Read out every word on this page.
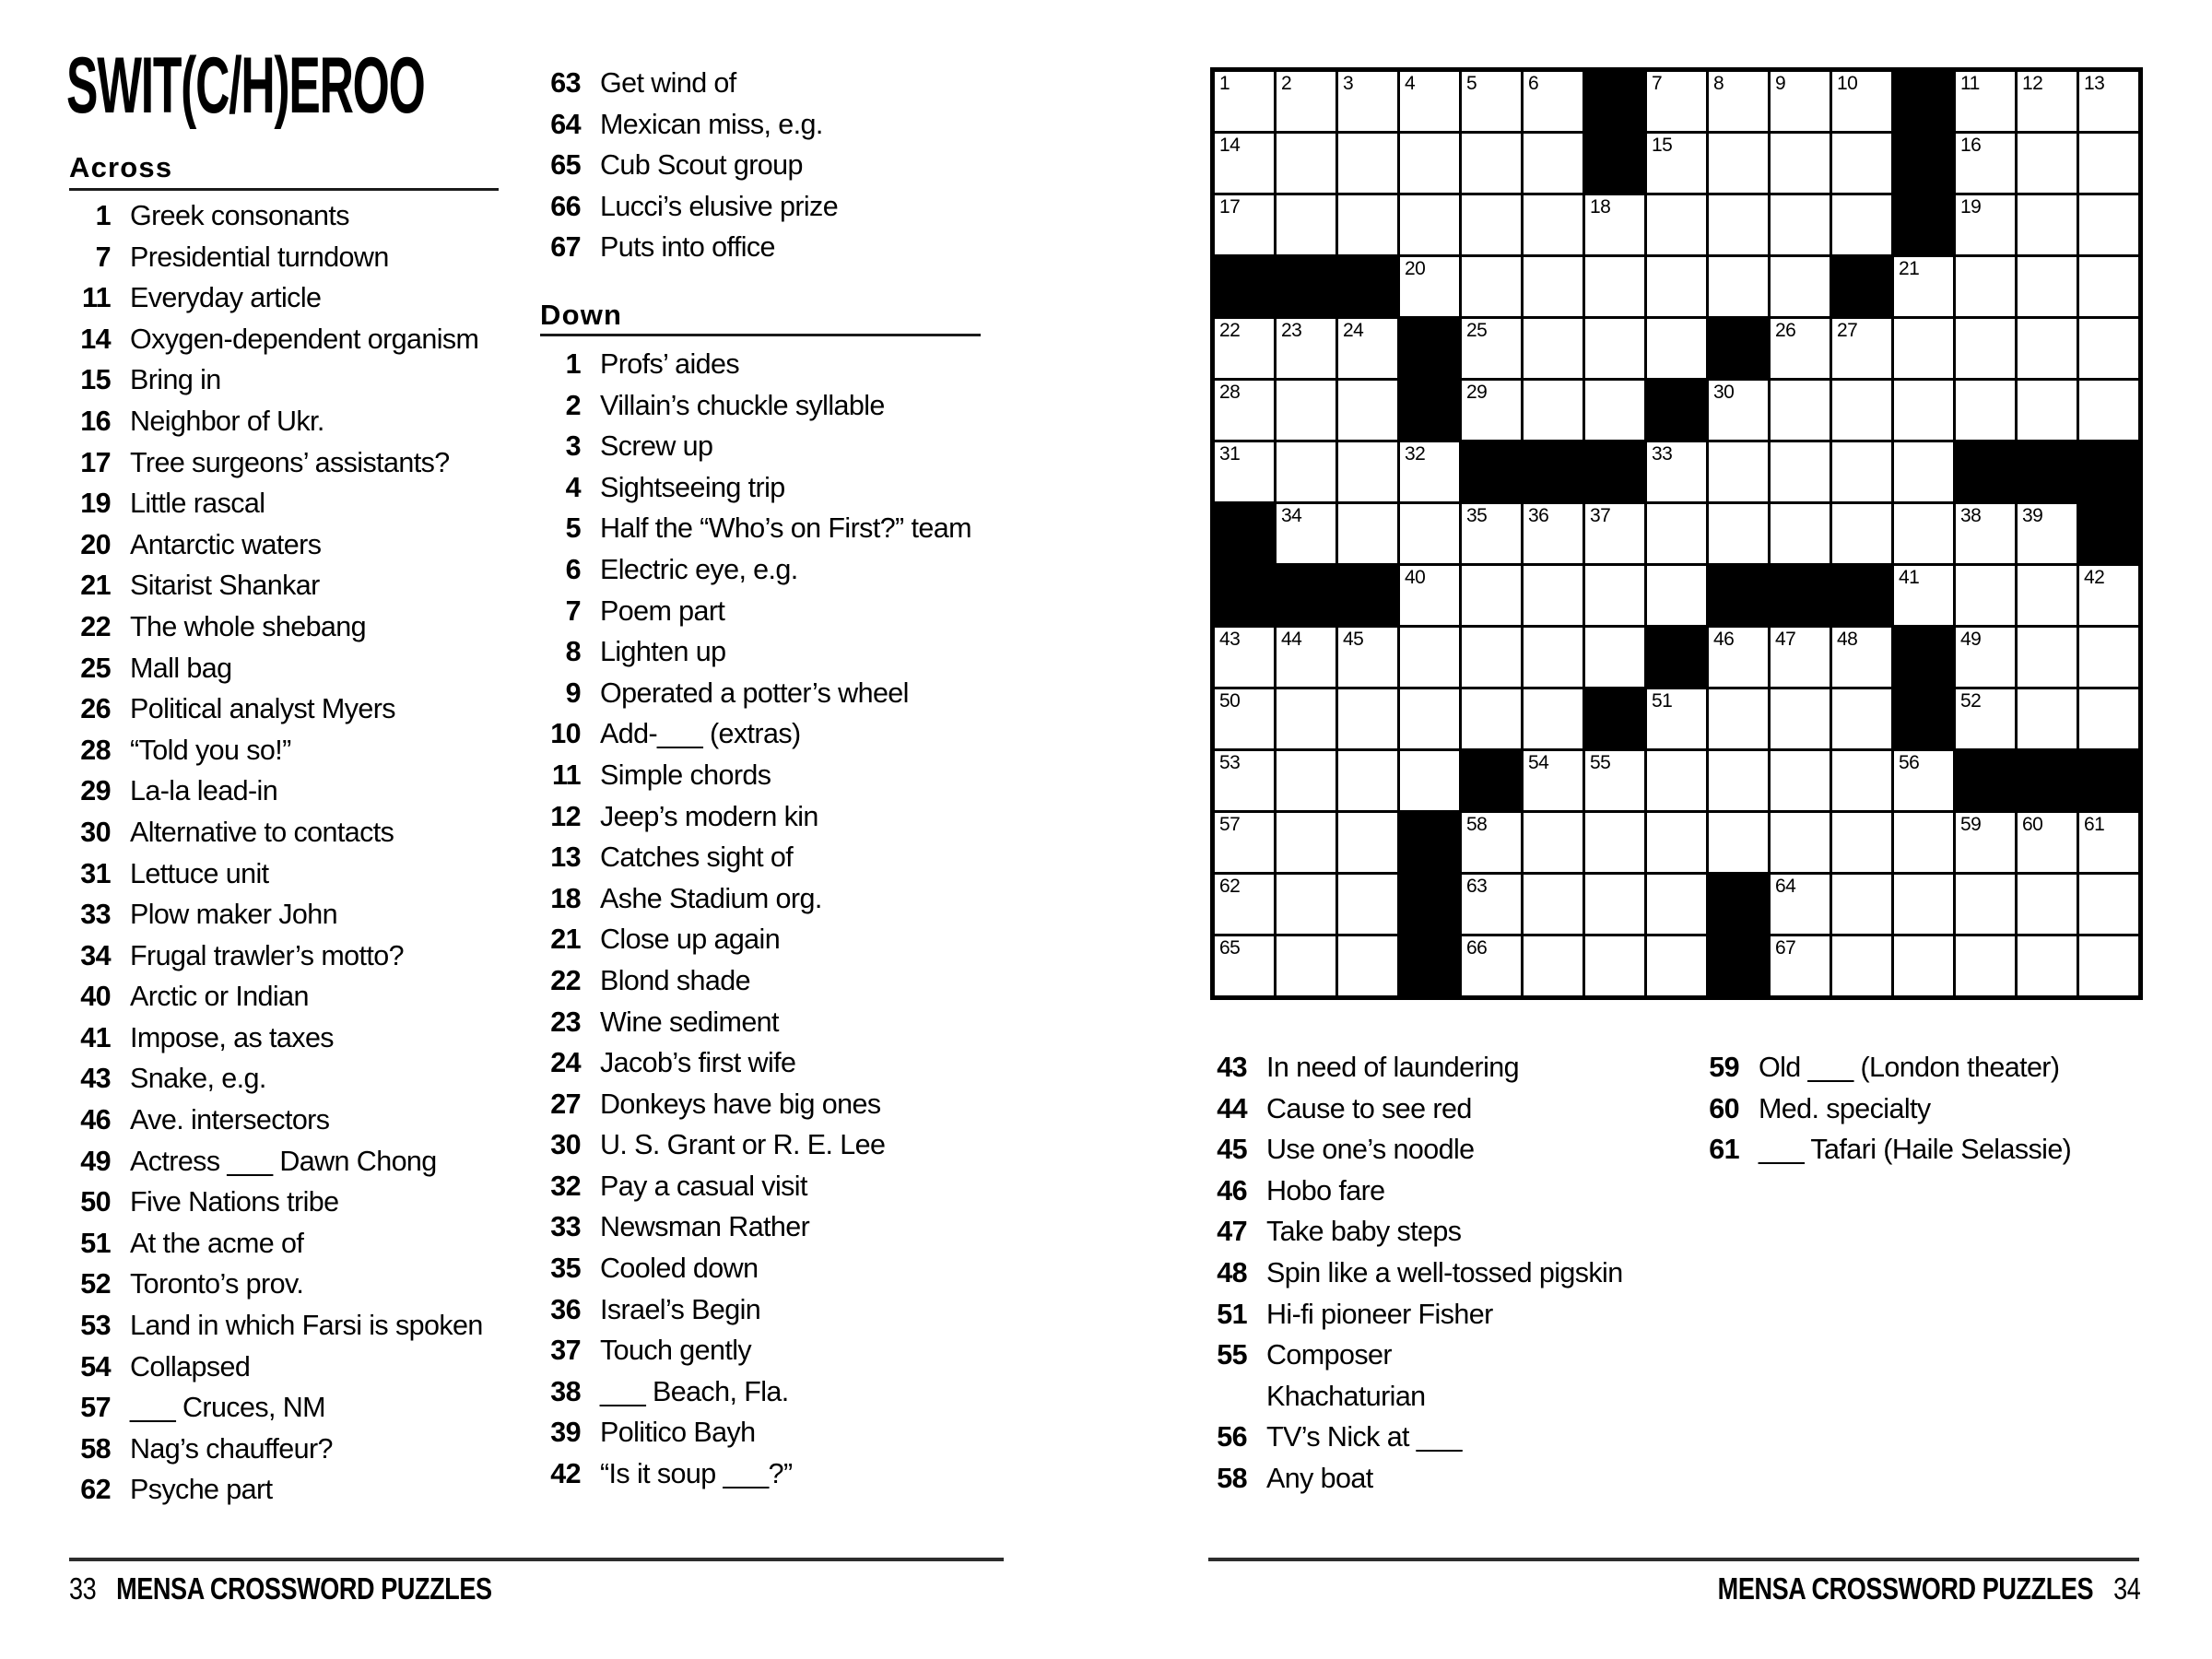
SWIT(C/H)EROO
Across
Down
1 Greek consonants
7 Presidential turndown
11 Everyday article
14 Oxygen-dependent organism
15 Bring in
16 Neighbor of Ukr.
17 Tree surgeons’ assistants?
19 Little rascal
20 Antarctic waters
21 Sitarist Shankar
22 The whole shebang
25 Mall bag
26 Political analyst Myers
28 “Told you so!”
29 La-la lead-in
30 Alternative to contacts
31 Lettuce unit
33 Plow maker John
34 Frugal trawler’s motto?
40 Arctic or Indian
41 Impose, as taxes
43 Snake, e.g.
46 Ave. intersectors
49 Actress ___ Dawn Chong
50 Five Nations tribe
51 At the acme of
52 Toronto’s prov.
53 Land in which Farsi is spoken
54 Collapsed
57 ___ Cruces, NM
58 Nag’s chauffeur?
62 Psyche part
63 Get wind of
64 Mexican miss, e.g.
65 Cub Scout group
66 Lucci’s elusive prize
67 Puts into office
1 Profs’ aides
2 Villain’s chuckle syllable
3 Screw up
4 Sightseeing trip
5 Half the “Who’s on First?” team
6 Electric eye, e.g.
7 Poem part
8 Lighten up
9 Operated a potter’s wheel
10 Add-___ (extras)
11 Simple chords
12 Jeep’s modern kin
13 Catches sight of
18 Ashe Stadium org.
21 Close up again
22 Blond shade
23 Wine sediment
24 Jacob’s first wife
27 Donkeys have big ones
30 U. S. Grant or R. E. Lee
32 Pay a casual visit
33 Newsman Rather
35 Cooled down
36 Israel’s Begin
37 Touch gently
38 ___ Beach, Fla.
39 Politico Bayh
42 “Is it soup ___?”
43 In need of laundering
44 Cause to see red
45 Use one’s noodle
46 Hobo fare
47 Take baby steps
48 Spin like a well-tossed pigskin
51 Hi-fi pioneer Fisher
55 Composer
Khachaturian
56 TV’s Nick at ___
58 Any boat
59 Old ___ (London theater)
60 Med. specialty
61 ___ Tafari (Haile Selassie)
1	2	3	4	5	6	7	8	9	10	11 12 13
14	15	16
17	18	19
20	21
22 23 24	25	26 27
28	29	30
31	32	33
34	35 36 37	38 39
40	41	42
43 44 45	46 47 48	49
50	51	52
53	54 55	56
57	58	59 60 61
62	63	64
65	66	67
33 MENSA CROSSWORD PUZZLES	MENSA CROSSWORD PUZZLES 34
